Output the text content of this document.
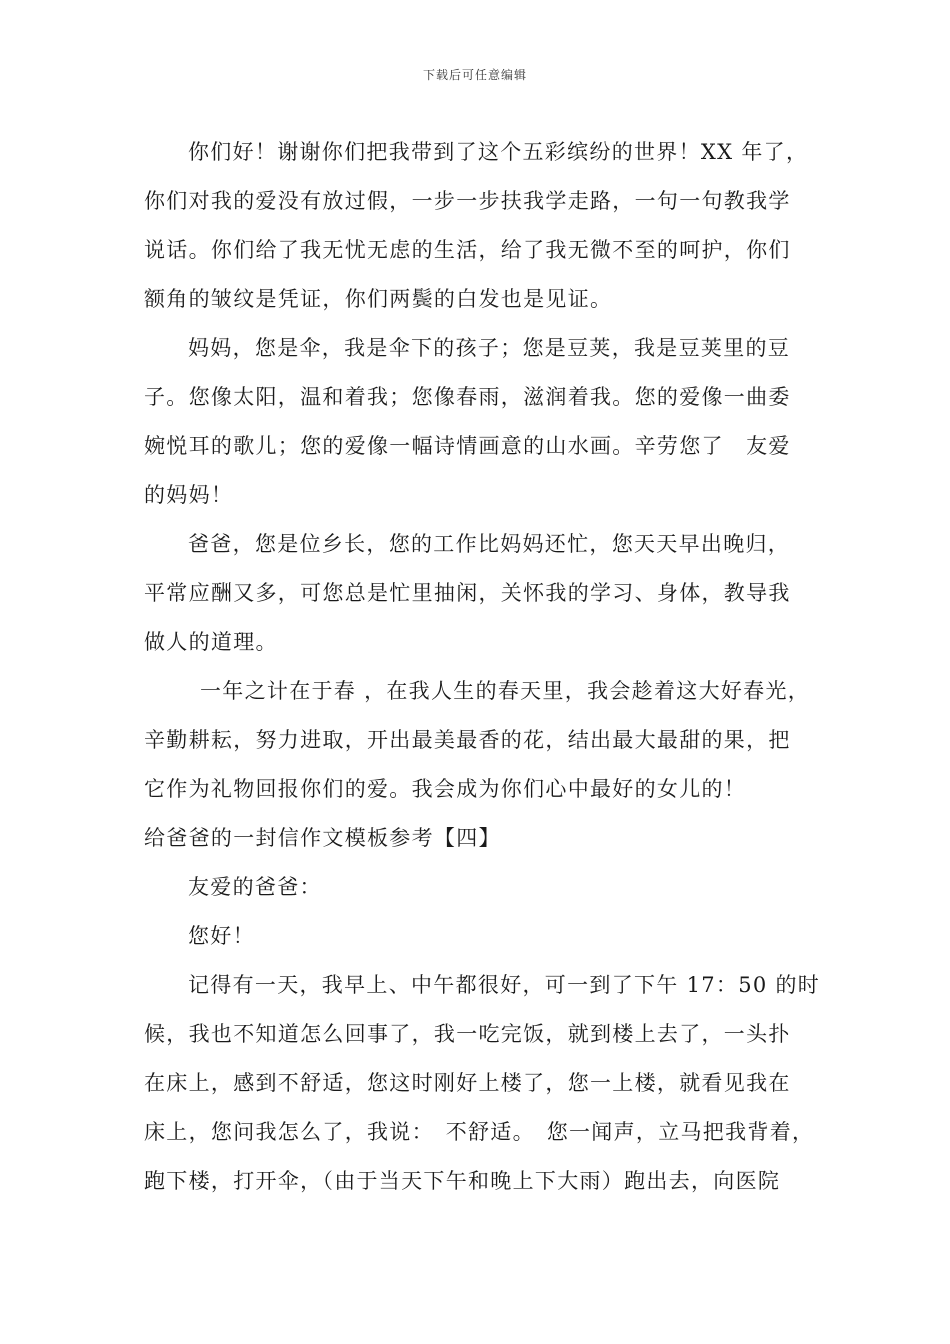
下载后可任意编辑
你们好！谢谢你们把我带到了这个五彩缤纷的世界！XX 年了，
你们对我的爱没有放过假，一步一步扶我学走路，一句一句教我学
说话。你们给了我无忧无虑的生活，给了我无微不至的呵护，你们
额角的皱纹是凭证，你们两鬓的白发也是见证。
妈妈，您是伞，我是伞下的孩子；您是豆荚，我是豆荚里的豆
子。您像太阳，温和着我；您像春雨，滋润着我。您的爱像一曲委
婉悦耳的歌儿；您的爱像一幅诗情画意的山水画。辛劳您了　友爱
的妈妈！
爸爸，您是位乡长，您的工作比妈妈还忙，您天天早出晚归，
平常应酬又多，可您总是忙里抽闲，关怀我的学习、身体，教导我
做人的道理。
一年之计在于春 ，在我人生的春天里，我会趁着这大好春光，
辛勤耕耘，努力进取，开出最美最香的花，结出最大最甜的果，把
它作为礼物回报你们的爱。我会成为你们心中最好的女儿的！
给爸爸的一封信作文模板参考【四】
友爱的爸爸：
您好！
记得有一天，我早上、中午都很好，可一到了下午 17：50 的时
候，我也不知道怎么回事了，我一吃完饭，就到楼上去了，一头扑
在床上，感到不舒适，您这时刚好上楼了，您一上楼，就看见我在
床上，您问我怎么了，我说：　不舒适。　您一闻声，立马把我背着，
跑下楼，打开伞，（由于当天下午和晚上下大雨）跑出去，向医院
